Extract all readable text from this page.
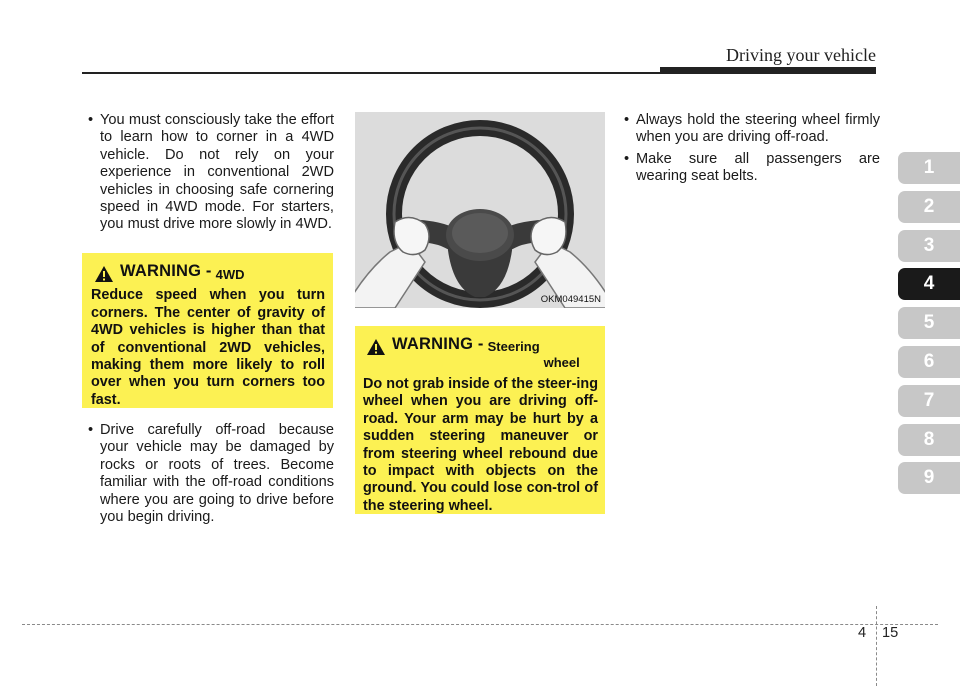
Driving your vehicle

• You must consciously take the effort to learn how to corner in a 4WD vehicle. Do not rely on your experience in conventional 2WD vehicles in choosing safe cornering speed in 4WD mode. For starters, you must drive more slowly in 4WD.

WARNING -
4WD

Reduce speed when you turn corners. The center of gravity of 4WD vehicles is higher than that of conventional 2WD vehicles, making them more likely to roll over when you turn corners too fast.

• Drive carefully off-road because your vehicle may be damaged by rocks or roots of trees. Become familiar with the off-road conditions where you are going to drive before you begin driving.

OKM049415N
WARNING -
Steering
wheel

Do not grab inside of the steer-ing wheel when you are driving off-road. Your arm may be hurt by a sudden steering maneuver or from steering wheel rebound due to impact with objects on the ground. You could lose con-trol of the steering wheel.

• Always hold the steering wheel firmly when you are driving off-road.

• Make sure all passengers are wearing seat belts.	1
2
3
4
5
6
7
8
9
4 15
